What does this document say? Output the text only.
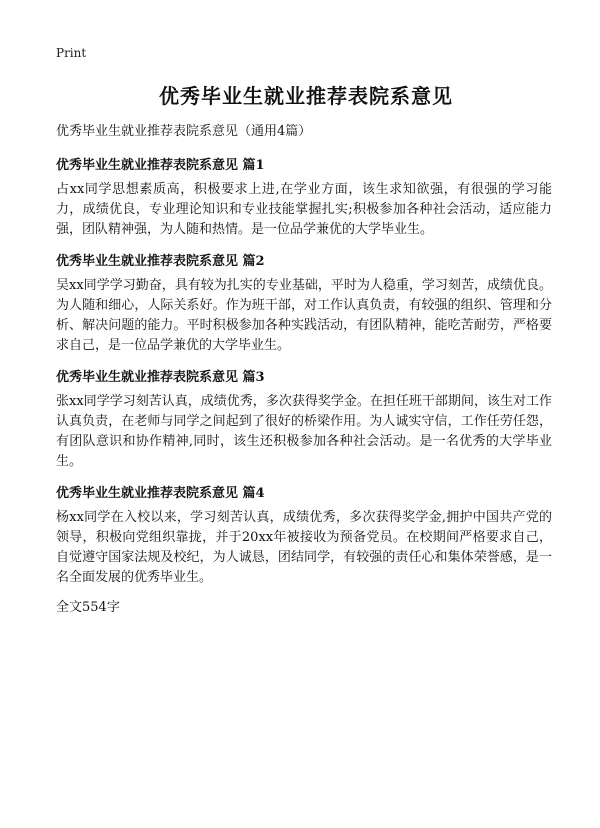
Print
优秀毕业生就业推荐表院系意见
优秀毕业生就业推荐表院系意见（通用4篇）
优秀毕业生就业推荐表院系意见 篇1
占xx同学思想素质高，积极要求上进,在学业方面，该生求知欲强，有很强的学习能力，成绩优良，专业理论知识和专业技能掌握扎实;积极参加各种社会活动，适应能力强，团队精神强，为人随和热情。是一位品学兼优的大学毕业生。
优秀毕业生就业推荐表院系意见 篇2
吴xx同学学习勤奋，具有较为扎实的专业基础，平时为人稳重，学习刻苦，成绩优良。为人随和细心，人际关系好。作为班干部，对工作认真负责，有较强的组织、管理和分析、解决问题的能力。平时积极参加各种实践活动，有团队精神，能吃苦耐劳，严格要求自己，是一位品学兼优的大学毕业生。
优秀毕业生就业推荐表院系意见 篇3
张xx同学学习刻苦认真，成绩优秀，多次获得奖学金。在担任班干部期间，该生对工作认真负责，在老师与同学之间起到了很好的桥梁作用。为人诚实守信，工作任劳任怨，有团队意识和协作精神,同时，该生还积极参加各种社会活动。是一名优秀的大学毕业生。
优秀毕业生就业推荐表院系意见 篇4
杨xx同学在入校以来，学习刻苦认真，成绩优秀，多次获得奖学金,拥护中国共产党的领导，积极向党组织靠拢，并于20xx年被接收为预备党员。在校期间严格要求自己，自觉遵守国家法规及校纪，为人诚恳，团结同学，有较强的责任心和集体荣誉感，是一名全面发展的优秀毕业生。
全文554字
